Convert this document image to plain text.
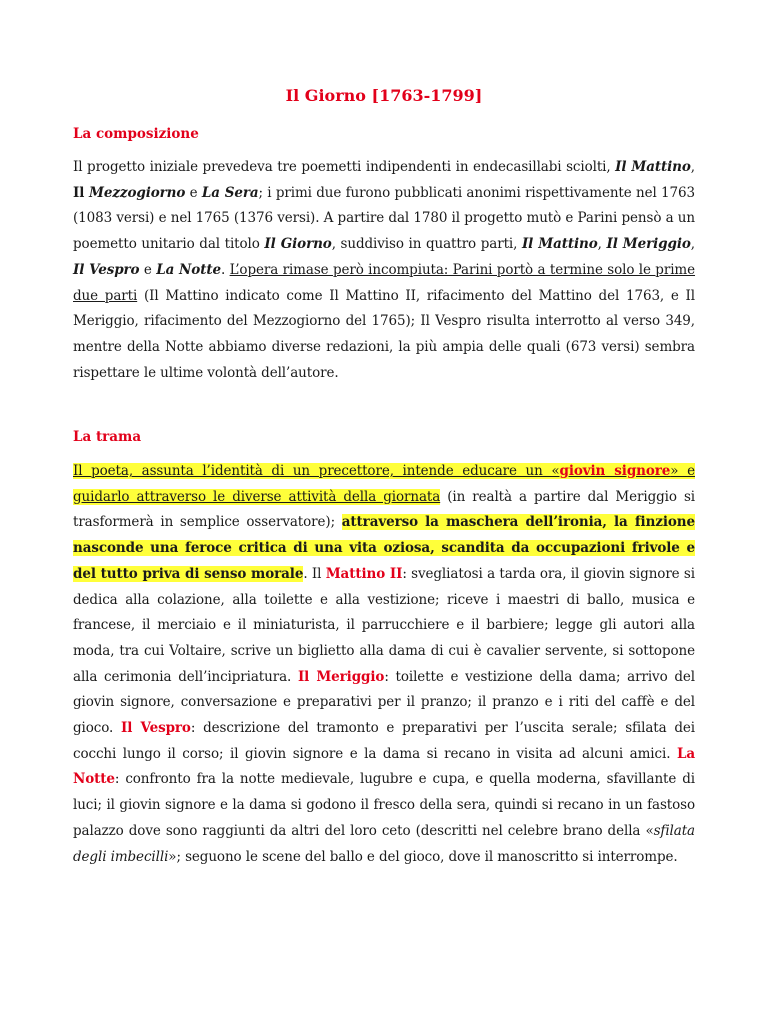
Il Giorno [1763-1799]
La composizione
Il progetto iniziale prevedeva tre poemetti indipendenti in endecasillabi sciolti, Il Mattino, Il Mezzogiorno e La Sera; i primi due furono pubblicati anonimi rispettivamente nel 1763 (1083 versi) e nel 1765 (1376 versi). A partire dal 1780 il progetto mutò e Parini pensò a un poemetto unitario dal titolo Il Giorno, suddiviso in quattro parti, Il Mattino, Il Meriggio, Il Vespro e La Notte. L’opera rimase però incompiuta: Parini portò a termine solo le prime due parti (Il Mattino indicato come Il Mattino II, rifacimento del Mattino del 1763, e Il Meriggio, rifacimento del Mezzogiorno del 1765); Il Vespro risulta interrotto al verso 349, mentre della Notte abbiamo diverse redazioni, la più ampia delle quali (673 versi) sembra rispettare le ultime volontà dell’autore.
La trama
Il poeta, assunta l’identità di un precettore, intende educare un «giovin signore» e guidarlo attraverso le diverse attività della giornata (in realtà a partire dal Meriggio si trasformerà in semplice osservatore); attraverso la maschera dell’ironia, la finzione nasconde una feroce critica di una vita oziosa, scandita da occupazioni frivole e del tutto priva di senso morale. Il Mattino II: svegliatosi a tarda ora, il giovin signore si dedica alla colazione, alla toilette e alla vestizione; riceve i maestri di ballo, musica e francese, il merciaio e il miniaturista, il parrucchiere e il barbiere; legge gli autori alla moda, tra cui Voltaire, scrive un biglietto alla dama di cui è cavalier servente, si sottopone alla cerimonia dell’incipriatura. Il Meriggio: toilette e vestizione della dama; arrivo del giovin signore, conversazione e preparativi per il pranzo; il pranzo e i riti del caffè e del gioco. Il Vespro: descrizione del tramonto e preparativi per l’uscita serale; sfilata dei cocchi lungo il corso; il giovin signore e la dama si recano in visita ad alcuni amici. La Notte: confronto fra la notte medievale, lugubre e cupa, e quella moderna, sfavillante di luci; il giovin signore e la dama si godono il fresco della sera, quindi si recano in un fastoso palazzo dove sono raggiunti da altri del loro ceto (descritti nel celebre brano della «sfilata degli imbecilli»; seguono le scene del ballo e del gioco, dove il manoscritto si interrompe.
